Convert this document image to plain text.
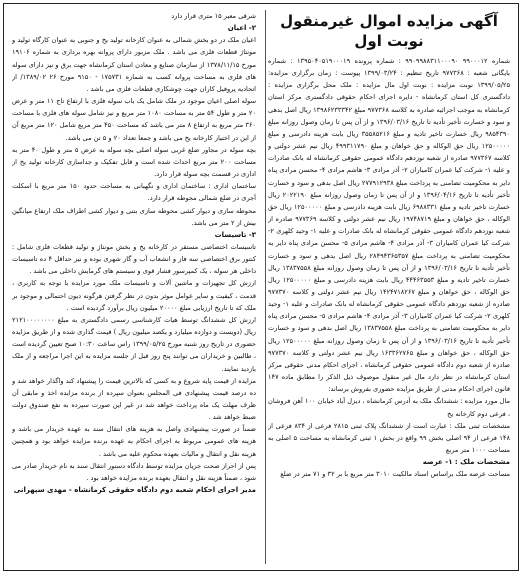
آگهی مزایده اموال غیرمنقول نوبت اول

شماره ۹۹۰۰۰۱۲ ۹۹۰۹۹۸۸۳۱۱۰۰۰۹۰ : شماره پرونده ۱۳۹۵۰۴۰۵۱۹۰۰۰۱۹ : شماره بایگانی شعبه : ۹۷۷۳۶۸ تاریخ تنظیم : ۱۳۹۹/۰۳/۲۴ پیوست : زمان برگزاری مزایده: ۱۳۹۹/۰۵/۲۵ نوبت مزایده : نوبت اول مال مزایده : ملک محل برگزاری مزایده : دادگستری کل استان کرمانشاه - دایره اجرای احکام حقوقی دادگستری مرکز استان کرمانشاه به موجب اجرائیه صادره به کلاسه ۹۷۷۳۶۸ مبلغ ۱۳۹۸۶۲۳۳۳۴۲ ریال اصل بدهی و سود و خسارت تأخیر تأدیه تا تاریخ ۱۳۹۶/۰۳/۱۶ و از آن پس تا زمان وصول روزانه مبلغ ۹۸۵۴۳۹۰ ریال خسارت تاخیر تادیه و مبلغ ۳۵۵۸۵۲۱۶ ریال بابت هزینه دادرسی و مبلغ ۱۲۵۰۰۰۰۰ ریال حق الوکاله و حق خواهان و مبلغ ۴۹۹۳۱۱۷۹۰ ریال نیم عشر دولتی و کلاسه ۹۷۷۳۶۷ صادره از شعبه نوزدهم دادگاه عمومی حقوقی کرمانشاه له بانک صادرات و علیه ۱- شرکت کیا عمران کامیاران ۲- آذر مرادی ۳- هاشم مرادی ۴- محسن مرادی پناه دایر به محکومیت تضامنی به پرداخت مبلغ ۲۷۷۹۱۲۹۳۸ ریال اصل بدهی و سود و خسارت تأخیر تأدیه تا تاریخ ۱۳۹۶/۰۴/۱۶ و از آن پس تا زمان وصول روزانه مبلغ ۲۰۲۲۱۹۰ ریال خسارت تاخیر تادیه و مبلغ ۶۹۸۸۳۳۱ ریال بابت هزینه دادرسی و مبلغ ۱۲۵۰۰۰۰۰ ریال حق الوکاله ، حق خواهان و مبلغ ۱۹۷۴۸۷۱۹ ریال نیم عشر دولتی و کلاسه ۹۷۷۳۶۹ صادره از شعبه نوزدهم دادگاه عمومی حقوقی کرمانشاه له بانک صادرات و علیه ۱- وحید کلهری ۲- شرکت کیا عمران کامیاران ۳- آذر مرادی ۴- هاشم مرادی ۵- محسن مرادی پناه دایر به محکومیت تضامنی به پرداخت مبلغ ۲۸۴۹۴۳۶۵۳۵۷ ریال اصل بدهی و سود و خسارت تأخیر تأدیه تا تاریخ ۱۳۹۶/۰۳/۱۶ و از آن پس تا زمان وصول روزانه مبلغ ۱۳۸۳۷۵۵۸ ریال خسارت تاخیر تادیه و مبلغ ۴۴۴۶۳۵۵۳ ریال بابت هزینه دادرسی و مبلغ ۱۲۵۰۰۰۰۰ ریال حق الوکاله ، حق خواهان و مبلغ ۱۴۲۴۷۱۸۲۶۷ ریال نیم عشر دولتی و کلاسه ۹۷۷۳۷۰ صادره از شعبه نوزدهم دادگاه عمومی حقوقی کرمانشاه له بانک صادرات و علیه ۱- وحید کلهری ۲- شرکت کیا عمران کامیاران ۳- آذر مرادی ۴- هاشم مرادی ۵- محسن مرادی پناه دایر به محکومیت تضامنی به پرداخت مبلغ ۱۳۸۳۷۵۵۸ ریال اصل بدهی و سود و خسارت تأخیر تأدیه تا تاریخ ۱۳۹۶/۰۳/۱۶ و از آن پس تا زمان وصول روزانه مبلغ ۱۲۵۰۰۰۰۰ ریال حق الوکاله ، حق خواهان و مبلغ ۱۶۳۳۶۲۷۶۵ ریال نیم عشر دولتی و کلاسه ۹۷۷۳۷۰ صادره از شعبه دوم دادگاه عمومی حقوقی کرمانشاه ، اجرای احکام مدنی حقوقی مرکز استان کرمانشاه در نظر دارد مال غیر منقول موصوف ذیل الذکر را مطابق ماده ۱۴۷ قانون اجرای احکام مدنی از طریق مزایده حضوری بفروش برساند:

مال مورد مزایده : ششدانگ ملک به آدرس کرمانشاه ، دیزل آباد خیابان ۱۰۰ آهن فروشان ، فرعی دوم کارخانه یخ

مشخصات ثبتی ملک : عبارت است از ششدانگ پلاک ثبتی ۲۸۱۵ فرعی از ۸۳۴ فرعی از ۱۴۸ فرعی از ۹۴ اصلی بخش ۹۹ واقع در بخش ۱ ثبتی کرمانشاه به مساحت ۵ اصلی به مساحت ۱۰۰۰ متر مربع

مشخصات ملک : ۱- عرصه

مساحت عرصه ملک براساس اسناد مالکیت ۳۰۱۰ متر مربع با بر ۳۲ و ۷۱ متر در ضلع

شرقی معبر ۱۵ متری قرار دارد

۲- اعیان

اعیان ملک در دو بخش شمالی به عنوان کارخانه تولید یخ و جنوبی به عنوان کارگاه تولید و مونتاژ قطعات فلزی می باشد . ملک مزبور دارای پروانه بهره برداری به شماره ۱۹۱۰۶ مورخ ۱۳۷۸/۱۱/۱۵ از سازمان صنایع و معادن استان کرمانشاه جهت برق و نیز دارای سوله های فلزی به مساحت پروانه کسب به شماره ۱۷۵۷۳۱ - ۹۱۵۰ مورخ ۲۶ ۱۳۸۹/۰۲/ از اتحادیه پروفیل کاران جهت چوشکاری قطعات فلزی می باشد .

سوله اصلی اعیان موجود در ملک شامل یک باب سوله فلزی با ارتفاع تاج ۱۱ متر و عرض ۲۰ متر و طول ۵۴ متر به مساحت ۱۰۸۰ متر مربع و نیز شامل سوله های فلزی با مساحت ۳۶۰ متر مربع به ارتفاع ۸ متر می باشد که مساحت ۴۵۰ متر مربع شامل ۱۲۰ متر مربع آن از این در اختیار کارخانه یخ می باشد و جمعا تعداد ۲۰ و ۵ تن می باشد.

بچه سوله در مجاور ضلع غربی سوله اصلی بچه سوله به عرض ۵ متر و طول ۴۰ متر به مساحت ۲۰۰ متر مربع احداث شده است و قابل تفکیک و جداسازی کارخانه تولید یخ از اداری در قسمت بچه سوله قرار دارد.

ساختمان اداری : ساختمان اداری و نگهبانی به مساحت حدود ۱۵۰ متر مربع با اسکلت آجری در ضلع شمالی محوطه قرار دارد.

محوطه سازی و دیوار کشی محوطه سازی بتنی و دیوار کشی اطراف ملک ارتفاع میانگین بیش از ۲ متر می باشد.

۳- تاسیسات

تاسیسات اختصاصی مستقر در کارخانه یخ و بخش مونتاژ و تولید قطعات فلزی شامل : کنتور برق اختصاصی سه فاز و انشعاب آب و گاز شهری بوده و نیز حداقل ۴ ده تاسیسات داخلی هر سوله ، یک کمپرسور فشار قوی و سیستم های گرمایش داخلی می باشد .

ارزش کل تجهیزات و ماشین آلات و تاسیسات ملک مورد مزایده با توجه به کاربری ، قدمت ، کیفیت و سایر عوامل موثر بدون در نظر گرفتن هرگونه دیون احتمالی و موجود بر ملک که تا تاریخ ارزیابی مبلغ ۲۰۰۰۰ میلیون ریال برآورد گردیده است .

ارزش کل ششدانگ توسط هیات کارشناسی رسمی دادگستری به مبلغ ۲۱۲۱۰۰۰۰۰۰۰۰ ریال (دویست و دوازده میلیارد و یکصد میلیون ریال ) قیمت گذاری شده و از طریق مزایده حضوری در تاریخ روز شنبه مورخ ۱۳۹۹/۰۵/۲۵ راس ساعت ۱۰:۳۰ صبح تعیین گردیده است ، طالبین و خریداران می توانند پنج روز قبل از جلسه مزایده به این اجرا مراجعه و از ملک بازدید نمایند.

مزایده از قیمت پایه شروع و به کسی که بالاترین قیمت را پیشنهاد کند واگذار خواهد شد و ده درصد قیمت پیشنهادی فی المجلس بعنوان سپرده از برنده مزایده اخذ و مابقی آن ظرف مهلت یک ماه پرداخت خواهد شد در غیر این صورت سپرده به نفع صندوق دولت ضبط خواهد شد .

ضمناً در صورت پیشنهادی واصل به هزینه های انتقال سند به عهده خریدار می باشد و هزینه های عمومی مربوط به اجرای احکام به عهده برنده مزایده خواهد بود و همچنین هزینه نقل و انتقال و مالیات بعهده محکوم علیه می باشد .

پس از احراز صحت جریان مزایده توسط دادگاه دستور انتقال سند به نام خریدار صادر می شود ، ضمناً هزینه نقل و انتقال بعهده برنده مزایده خواهد بود .

مدیر اجرای احکام شعبه دوم دادگاه حقوقی کرمانشاه - مهدی سپهرانی
